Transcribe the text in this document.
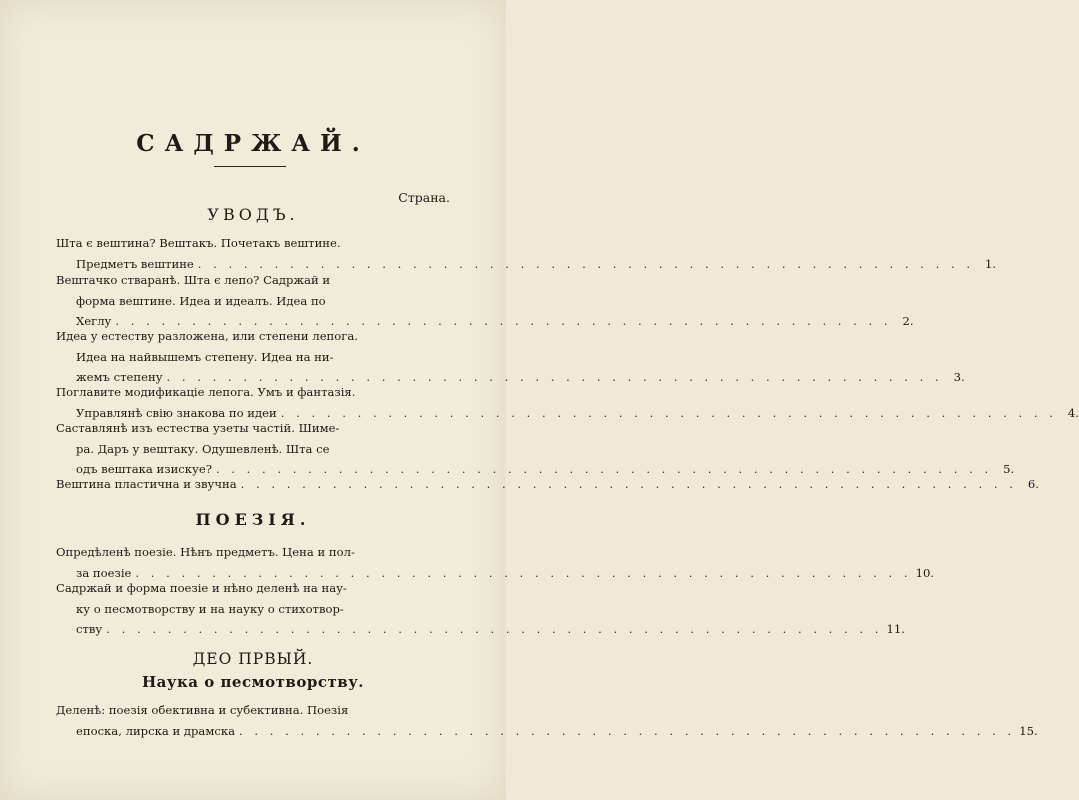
САДРЖАЙ.
Страна.
УВОДЪ.
Шта є вештина? Вештакъ. Почетакъ вештине.
Предметъ вештине . . . . . . . . . . . . . . . . . . . . . . . . . . . . . . . . . . . . . . . . . . . . . . . . . . . 1.
Вештачко стваранѣ. Шта є лепо? Садржай и
форма вештине. Идеа и идеалъ. Идеа по
Хеглу . . . . . . . . . . . . . . . . . . . . . . . . . . . . . . . . . . . . . . . . . . . . . . . . . . . 2.
Идеа у естеству разложена, или степени лепога.
Идеа на найвышемъ степену. Идеа на ни-
жемъ степену . . . . . . . . . . . . . . . . . . . . . . . . . . . . . . . . . . . . . . . . . . . . . . . . . . . 3.
Поглавите модификацiе лепога. Умъ и фантазiя.
Управлянѣ свiю знакова по идеи . . . . . . . . . . . . . . . . . . . . . . . . . . . . . . . . . . . . . . . . . . . . . . . . . . . 4.
Саставлянѣ изъ естества узеты частiй. Шиме-
ра. Даръ у вештаку. Одушевленѣ. Шта се
одъ вештака изискуе? . . . . . . . . . . . . . . . . . . . . . . . . . . . . . . . . . . . . . . . . . . . . . . . . . . . 5.
Вештина пластична и звучна . . . . . . . . . . . . . . . . . . . . . . . . . . . . . . . . . . . . . . . . . . . . . . . . . . . 6.
ПОЕЗIЯ.
Опредѣленѣ поезiе. Нѣнъ предметъ. Цена и пол-
за поезiе . . . . . . . . . . . . . . . . . . . . . . . . . . . . . . . . . . . . . . . . . . . . . . . . . . . 10.
Садржай и форма поезiе и нѣно деленѣ на нау-
ку о песмотворству и на науку о стихотвор-
ству . . . . . . . . . . . . . . . . . . . . . . . . . . . . . . . . . . . . . . . . . . . . . . . . . . . 11.
ДЕО ПРВЫЙ.
Наука о песмотворству.
Деленѣ: поезiя обективна и субективна. Поезiя
епоска, лирска и драмска . . . . . . . . . . . . . . . . . . . . . . . . . . . . . . . . . . . . . . . . . . . . . . . . . . . 15.
